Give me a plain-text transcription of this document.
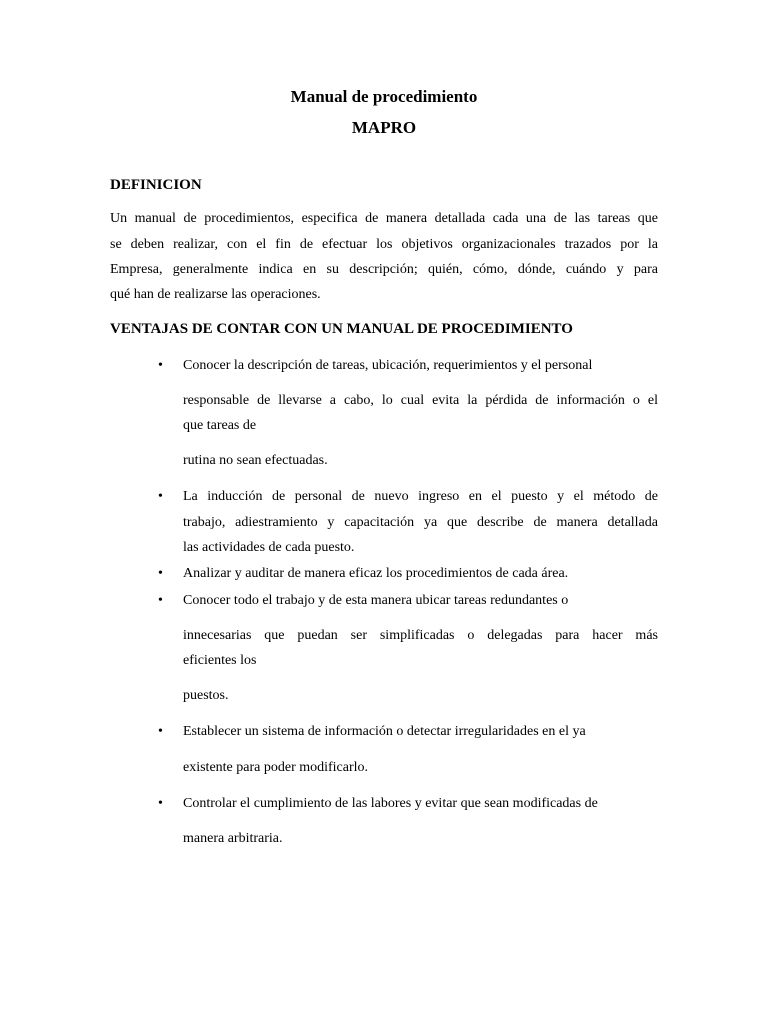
Manual de procedimiento
MAPRO
DEFINICION
Un manual de procedimientos, especifica de manera detallada cada una de las tareas que
se deben realizar, con el fin de efectuar los objetivos organizacionales trazados por la
Empresa, generalmente indica en su descripción; quién, cómo, dónde, cuándo y para
qué han de realizarse las operaciones.
VENTAJAS DE CONTAR CON UN MANUAL DE PROCEDIMIENTO
• Conocer la descripción de tareas, ubicación, requerimientos y el personal
responsable de llevarse a cabo, lo cual evita la pérdida de información o el
que tareas de
rutina no sean efectuadas.
• La inducción de personal de nuevo ingreso en el puesto y el método de
trabajo, adiestramiento y capacitación ya que describe de manera detallada
las actividades de cada puesto.
• Analizar y auditar de manera eficaz los procedimientos de cada área.
• Conocer todo el trabajo y de esta manera ubicar tareas redundantes o
innecesarias que puedan ser simplificadas o delegadas para hacer más
eficientes los
puestos.
• Establecer un sistema de información o detectar irregularidades en el ya
existente para poder modificarlo.
• Controlar el cumplimiento de las labores y evitar que sean modificadas de
manera arbitraria.
